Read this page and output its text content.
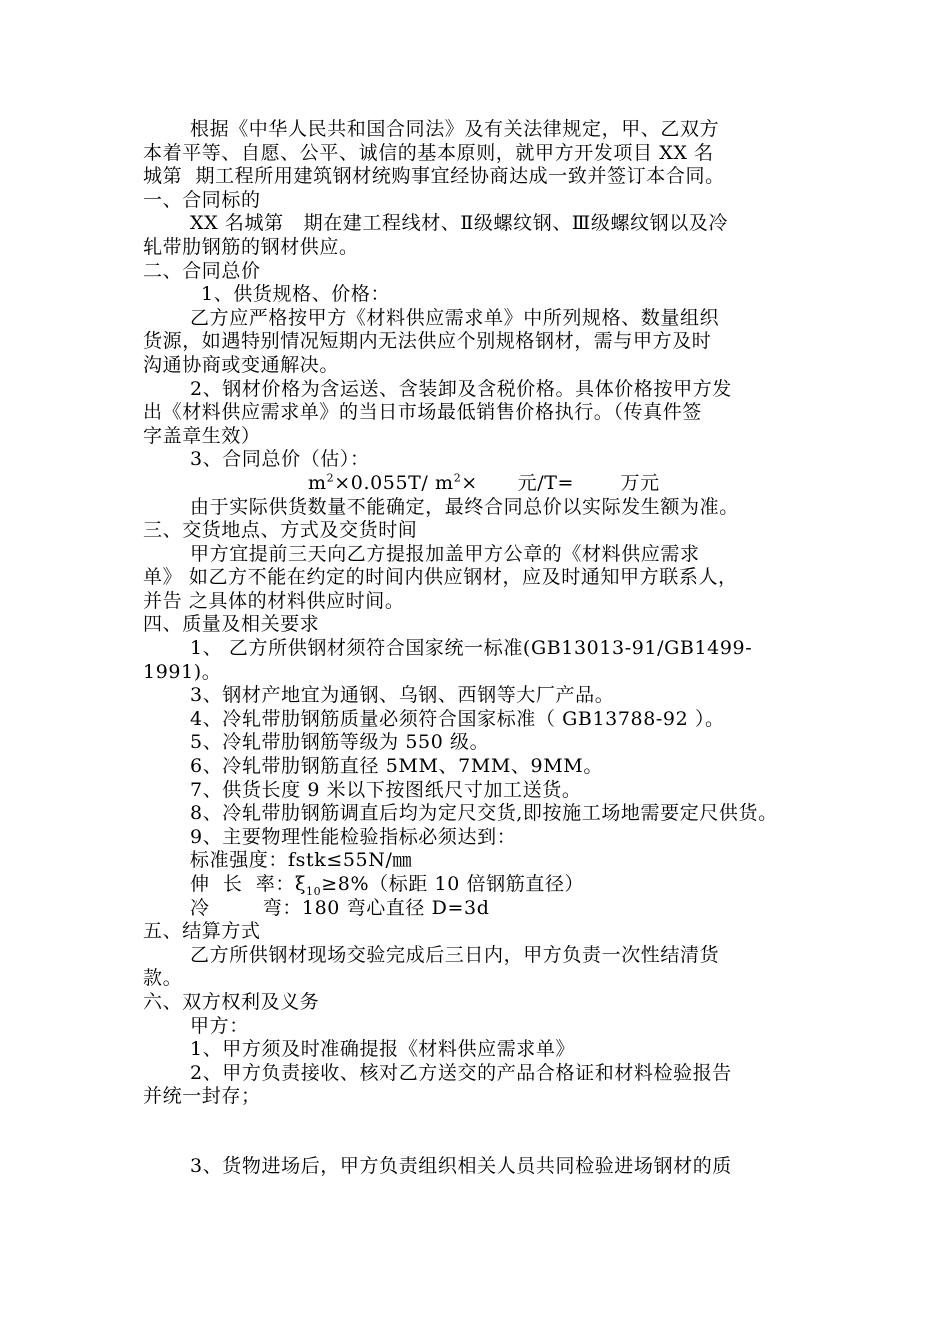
根据《中华人民共和国合同法》及有关法律规定，甲、乙双方

本着平等、自愿、公平、诚信的基本原则，就甲方开发项目 XX 名

城第  期工程所用建筑钢材统购事宜经协商达成一致并签订本合同。

一、合同标的

XX 名城第   期在建工程线材、Ⅱ级螺纹钢、Ⅲ级螺纹钢以及冷

轧带肋钢筋的钢材供应。

二、合同总价

1、供货规格、价格：

乙方应严格按甲方《材料供应需求单》中所列规格、数量组织

货源，如遇特别情况短期内无法供应个别规格钢材，需与甲方及时

沟通协商或变通解决。

2、钢材价格为含运送、含装卸及含税价格。具体价格按甲方发

出《材料供应需求单》的当日市场最低销售价格执行。（传真件签

字盖章生效）

3、合同总价（估）：

$m^2\times 0.055T/$ $m^2\times$      元/T=       万元

由于实际供货数量不能确定，最终合同总价以实际发生额为准。

三、交货地点、方式及交货时间

甲方宜提前三天向乙方提报加盖甲方公章的《材料供应需求

单》 如乙方不能在约定的时间内供应钢材，应及时通知甲方联系人，

并告 之具体的材料供应时间。

四、质量及相关要求

1、 乙方所供钢材须符合国家统一标准(GB13013-91/GB1499-

1991)。

3、钢材产地宜为通钢、乌钢、西钢等大厂产品。

4、冷轧带肋钢筋质量必须符合国家标准（ GB13788-92 ）。

5、冷轧带肋钢筋等级为 550 级。

6、冷轧带肋钢筋直径 5MM、7MM、9MM。

7、供货长度 9 米以下按图纸尺寸加工送货。

8、冷轧带肋钢筋调直后均为定尺交货,即按施工场地需要定尺供货。

9、主要物理性能检验指标必须达到：

标准强度：fstk≤55N/㎜

伸  长  率：$\xi_{10}\ge 8\%$（标距 10 倍钢筋直径）

冷        弯：180 弯心直径 D=3d

五、结算方式

乙方所供钢材现场交验完成后三日内，甲方负责一次性结清货

款。

六、双方权利及义务

甲方：

1、甲方须及时准确提报《材料供应需求单》

2、甲方负责接收、核对乙方送交的产品合格证和材料检验报告

并统一封存；

3、货物进场后，甲方负责组织相关人员共同检验进场钢材的质
